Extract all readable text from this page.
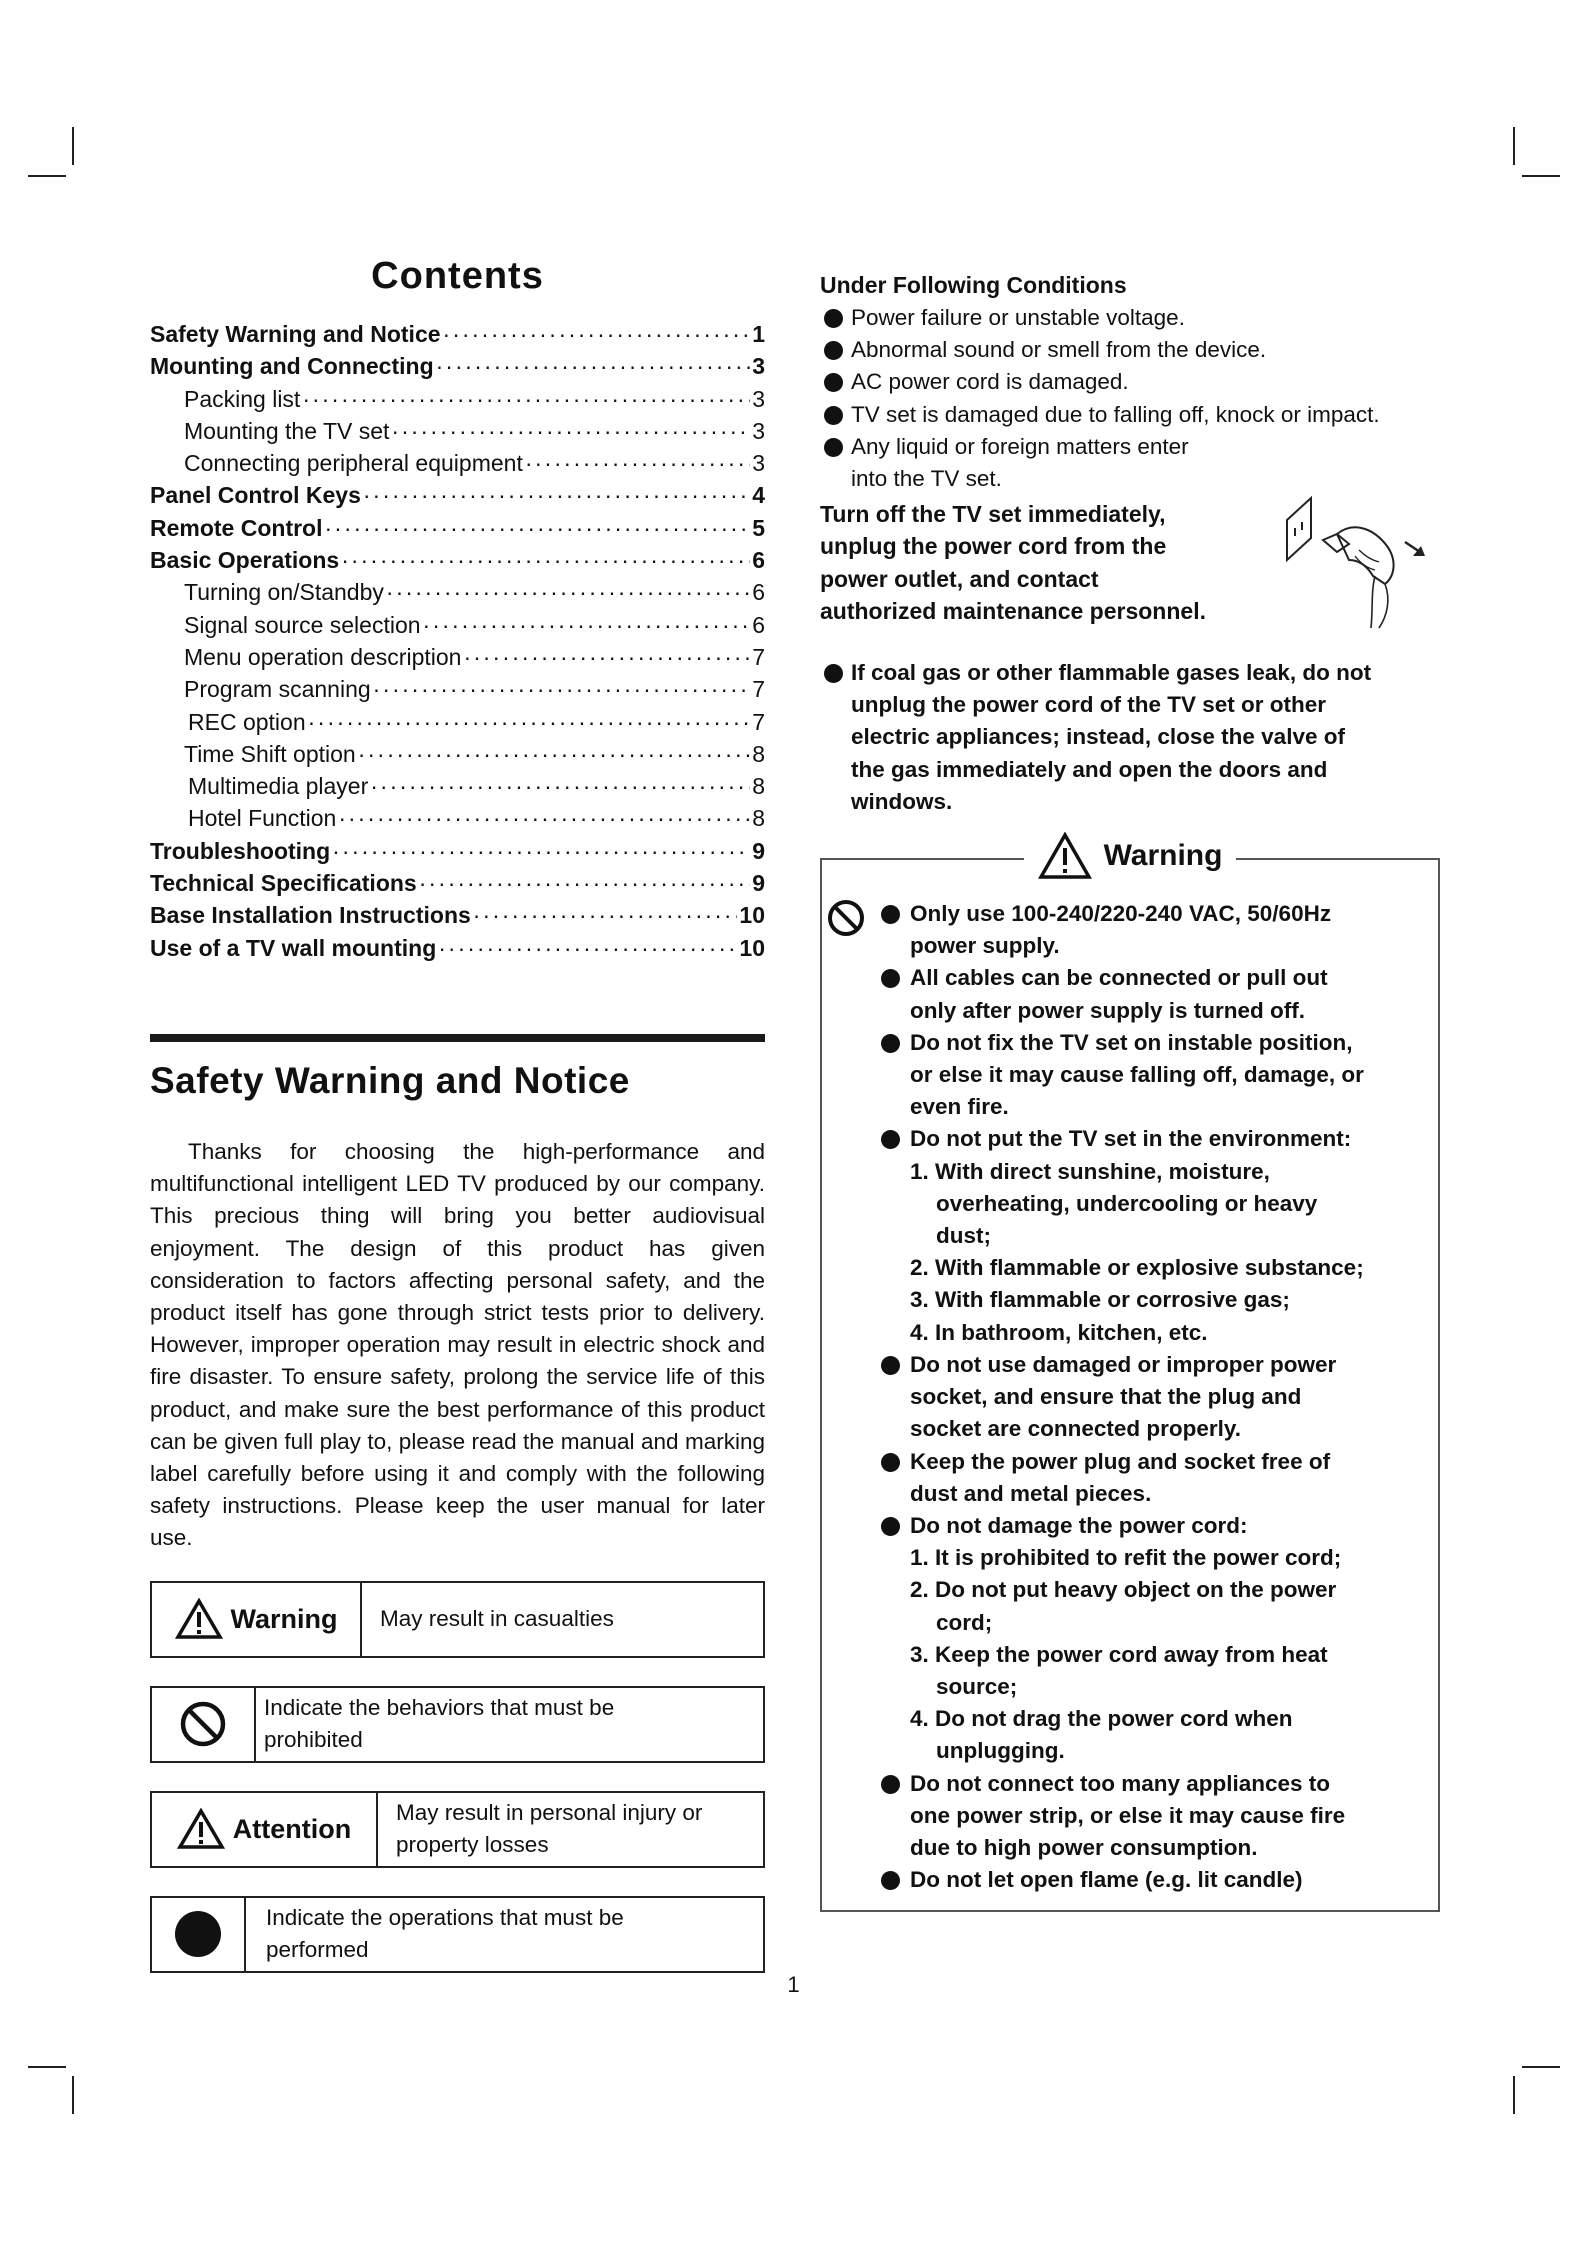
Contents
Safety Warning and Notice ·····	1
Mounting and Connecting ·····	3
Packing list ·····	3
Mounting the TV set ·····	3
Connecting peripheral equipment ·····	3
Panel Control Keys ·····	4
Remote Control ·····	5
Basic Operations ·····	6
Turning on/Standby ·····	6
Signal source selection ·····	6
Menu operation description ·····	7
Program scanning ·····	7
REC option ·····	7
Time Shift option ·····	8
Multimedia player ·····	8
Hotel Function ·····	8
Troubleshooting ·····	9
Technical Specifications ·····	9
Base Installation Instructions ·····	10
Use of a TV wall mounting ·····	10
Safety Warning and Notice

Thanks for choosing the high-performance and multifunctional intelligent LED TV produced by our company. This precious thing will bring you better audiovisual enjoyment. The design of this product has given consideration to factors affecting personal safety, and the product itself has gone through strict tests prior to delivery. However, improper operation may result in electric shock and fire disaster. To ensure safety, prolong the service life of this product, and make sure the best performance of this product can be given full play to, please read the manual and marking label carefully before using it and comply with the following safety instructions. Please keep the user manual for later use.

Warning	May result in casualties
Indicate the behaviors that must be
prohibited
Attention
May result in personal injury or
property losses
Indicate the operations that must be
performed
Under Following Conditions
Power failure or unstable voltage.
Abnormal sound or smell from the device.
AC power cord is damaged.
TV set is damaged due to falling off, knock or impact.
Any liquid or foreign matters enter
into the TV set.
Turn off the TV set immediately,
unplug the power cord from the
power outlet, and contact
authorized maintenance personnel.
If coal gas or other flammable gases leak, do not
unplug the power cord of the TV set or other
electric appliances; instead, close the valve of
the gas immediately and open the doors and
windows.
Warning
Only use 100-240/220-240 VAC, 50/60Hz
power supply.
All cables can be connected or pull out
only after power supply is turned off.
Do not fix the TV set on instable position,
or else it may cause falling off, damage, or
even fire.
Do not put the TV set in the environment:
1. With direct sunshine, moisture,
overheating, undercooling or heavy
dust;
2. With flammable or explosive substance;
3. With flammable or corrosive gas;
4. In bathroom, kitchen, etc.
Do not use damaged or improper power
socket, and ensure that the plug and
socket are connected properly.
Keep the power plug and socket free of
dust and metal pieces.
Do not damage the power cord:
1. It is prohibited to refit the power cord;
2. Do not put heavy object on the power
cord;
3. Keep the power cord away from heat
source;
4. Do not drag the power cord when
unplugging.
Do not connect too many appliances to
one power strip, or else it may cause fire
due to high power consumption.
Do not let open flame (e.g. lit candle)
1
